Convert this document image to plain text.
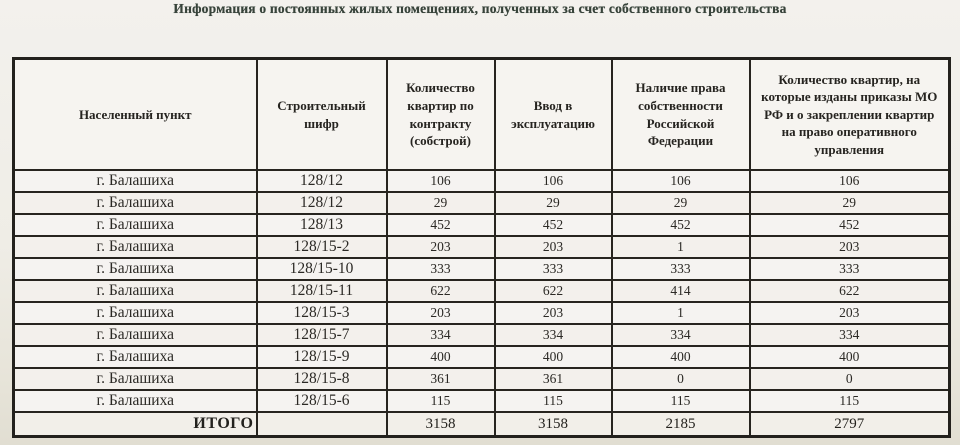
Информация о постоянных жилых помещениях, полученных за счет собственного строительства
Населенный пункт	Строительный шифр	Количество квартир по контракту (собстрой)	Ввод в эксплуатацию	Наличие права собственности Российской Федерации	Количество квартир, на которые изданы приказы МО РФ и о закреплении квартир на право оперативного управления
г. Балашиха	128/12	106	106	106	106
г. Балашиха	128/12	29	29	29	29
г. Балашиха	128/13	452	452	452	452
г. Балашиха	128/15-2	203	203	1	203
г. Балашиха	128/15-10	333	333	333	333
г. Балашиха	128/15-11	622	622	414	622
г. Балашиха	128/15-3	203	203	1	203
г. Балашиха	128/15-7	334	334	334	334
г. Балашиха	128/15-9	400	400	400	400
г. Балашиха	128/15-8	361	361	0	0
г. Балашиха	128/15-6	115	115	115	115
ИТОГО		3158	3158	2185	2797
